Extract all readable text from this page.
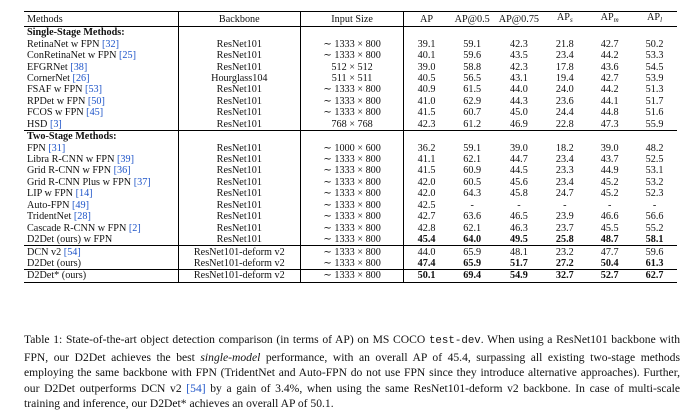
Methods	Backbone	Input Size	AP	AP@0.5	AP@0.75	$AP_s$	$AP_m$	$AP_l$
Single-Stage Methods:								
RetinaNet w FPN [32]	ResNet101	∼ 1333 × 800	39.1	59.1	42.3	21.8	42.7	50.2
ConRetinaNet w FPN [25]	ResNet101	∼ 1333 × 800	40.1	59.6	43.5	23.4	44.2	53.3
EFGRNet [38]	ResNet101	512 × 512	39.0	58.8	42.3	17.8	43.6	54.5
CornerNet [26]	Hourglass104	511 × 511	40.5	56.5	43.1	19.4	42.7	53.9
FSAF w FPN [53]	ResNet101	∼ 1333 × 800	40.9	61.5	44.0	24.0	44.2	51.3
RPDet w FPN [50]	ResNet101	∼ 1333 × 800	41.0	62.9	44.3	23.6	44.1	51.7
FCOS w FPN [45]	ResNet101	∼ 1333 × 800	41.5	60.7	45.0	24.4	44.8	51.6
HSD [3]	ResNet101	768 × 768	42.3	61.2	46.9	22.8	47.3	55.9
Two-Stage Methods:								
FPN [31]	ResNet101	∼ 1000 × 600	36.2	59.1	39.0	18.2	39.0	48.2
Libra R-CNN w FPN [39]	ResNet101	∼ 1333 × 800	41.1	62.1	44.7	23.4	43.7	52.5
Grid R-CNN w FPN [36]	ResNet101	∼ 1333 × 800	41.5	60.9	44.5	23.3	44.9	53.1
Grid R-CNN Plus w FPN [37]	ResNet101	∼ 1333 × 800	42.0	60.5	45.6	23.4	45.2	53.2
LIP w FPN [14]	ResNet101	∼ 1333 × 800	42.0	64.3	45.8	24.7	45.2	52.3
Auto-FPN [49]	ResNet101	∼ 1333 × 800	42.5	-	-	-	-	-
TridentNet [28]	ResNet101	∼ 1333 × 800	42.7	63.6	46.5	23.9	46.6	56.6
Cascade R-CNN w FPN [2]	ResNet101	∼ 1333 × 800	42.8	62.1	46.3	23.7	45.5	55.2
D2Det (ours) w FPN	ResNet101	∼ 1333 × 800	45.4	64.0	49.5	25.8	48.7	58.1
DCN v2 [54]	ResNet101-deform v2	∼ 1333 × 800	44.0	65.9	48.1	23.2	47.7	59.6
D2Det (ours)	ResNet101-deform v2	∼ 1333 × 800	47.4	65.9	51.7	27.2	50.4	61.3
D2Det* (ours)	ResNet101-deform v2	∼ 1333 × 800	50.1	69.4	54.9	32.7	52.7	62.7

Table 1: State-of-the-art object detection comparison (in terms of AP) on MS COCO test-dev. When using a ResNet101 backbone with FPN, our D2Det achieves the best single-model performance, with an overall AP of 45.4, surpassing all existing two-stage methods employing the same backbone with FPN (TridentNet and Auto-FPN do not use FPN since they introduce alternative approaches). Further, our D2Det outperforms DCN v2 [54] by a gain of 3.4%, when using the same ResNet101-deform v2 backbone. In case of multi-scale training and inference, our D2Det* achieves an overall AP of 50.1.
